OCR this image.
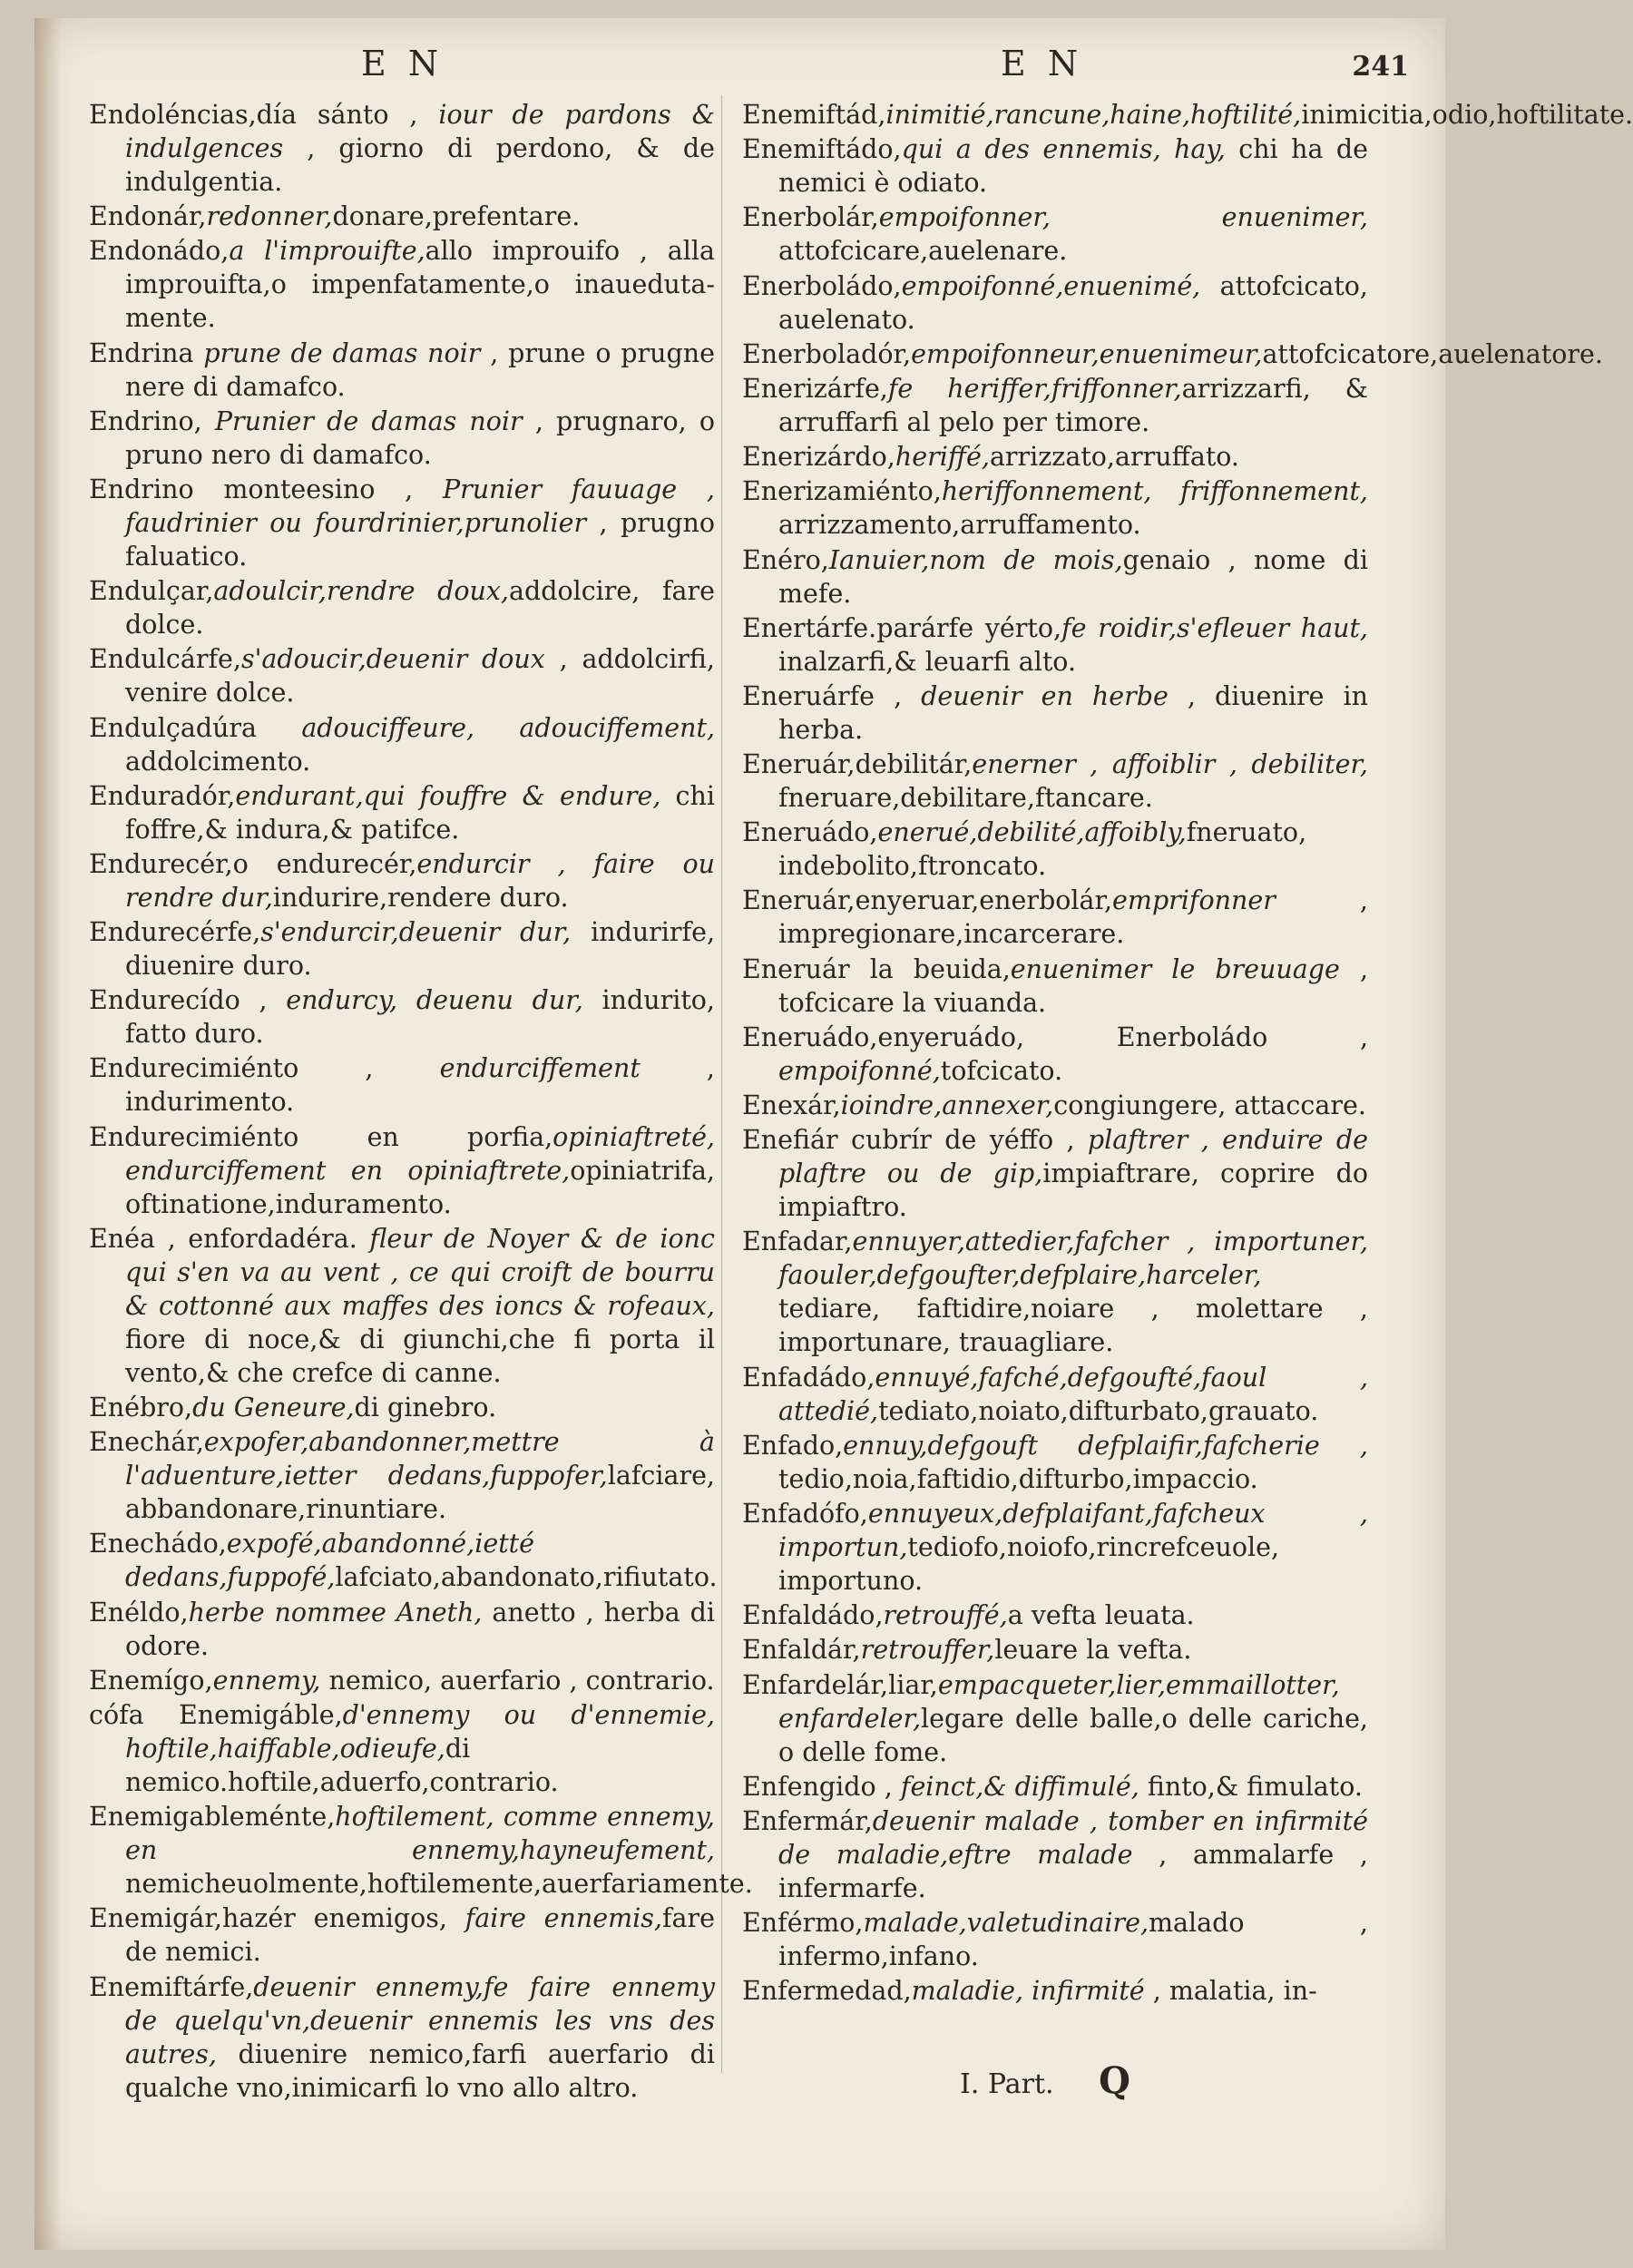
E N	E N	241

Endoléncias,día sánto , iour de pardons & indulgences , giorno di perdono, & de indulgentia.

Endonár,redonner,donare,prefentare.

Endonádo,a l'improuifte,allo improuifo , alla improuifta,o impenfatamente,o inaueduta-mente.

Endrina prune de damas noir , prune o prugne nere di damafco.

Endrino, Prunier de damas noir , prugnaro, o pruno nero di damafco.

Endrino monteesino , Prunier fauuage , faudrinier ou fourdrinier,prunolier , prugno faluatico.

Endulçar,adoulcir,rendre doux,addolcire, fare dolce.

Endulcárfe,s'adoucir,deuenir doux , addolcirfi, venire dolce.

Endulçadúra adouciffeure, adouciffement, addolcimento.

Enduradór,endurant,qui fouffre & endure, chi foffre,& indura,& patifce.

Endurecér,o endurecér,endurcir , faire ou rendre dur,indurire,rendere duro.

Endurecérfe,s'endurcir,deuenir dur, indurirfe, diuenire duro.

Endurecído , endurcy, deuenu dur, indurito, fatto duro.

Endurecimiénto , endurciffement , indurimento.

Endurecimiénto en porfia,opiniaftreté, endurciffement en opiniaftrete,opiniatrifa, oftinatione,induramento.

Enéa , enfordadéra. fleur de Noyer & de ionc qui s'en va au vent , ce qui croift de bourru & cottonné aux maffes des ioncs & rofeaux, fiore di noce,& di giunchi,che fi porta il vento,& che crefce di canne.

Enébro,du Geneure,di ginebro.

Enechár,expofer,abandonner,mettre à l'aduenture,ietter dedans,fuppofer,lafciare, abbandonare,rinuntiare.

Enechádo,expofé,abandonné,ietté dedans,fuppofé,lafciato,abandonato,rifiutato.

Enéldo,herbe nommee Aneth, anetto , herba di odore.

Enemígo,ennemy, nemico, auerfario , contrario.

cófa Enemigáble,d'ennemy ou d'ennemie, hoftile,haiffable,odieufe,di nemico.hoftile,aduerfo,contrario.

Enemigableménte,hoftilement, comme ennemy, en ennemy,hayneufement, nemicheuolmente,hoftilemente,auerfariamente.

Enemigár,hazér enemigos, faire ennemis,fare de nemici.

Enemiftárfe,deuenir ennemy,fe faire ennemy de quelqu'vn,deuenir ennemis les vns des autres, diuenire nemico,farfi auerfario di qualche vno,inimicarfi lo vno allo altro.

Enemiftád,inimitié,rancune,haine,hoftilité,inimicitia,odio,hoftilitate.

Enemiftádo,qui a des ennemis, hay, chi ha de nemici è odiato.

Enerbolár,empoifonner, enuenimer, attofcicare,auelenare.

Enerboládo,empoifonné,enuenimé, attofcicato, auelenato.

Enerboladór,empoifonneur,enuenimeur,attofcicatore,auelenatore.

Enerizárfe,fe heriffer,friffonner,arrizzarfi, & arruffarfi al pelo per timore.

Enerizárdo,heriffé,arrizzato,arruffato.

Enerizamiénto,heriffonnement, friffonnement, arrizzamento,arruffamento.

Enéro,Ianuier,nom de mois,genaio , nome di mefe.

Enertárfe.parárfe yérto,fe roidir,s'efleuer haut, inalzarfi,& leuarfi alto.

Eneruárfe , deuenir en herbe , diuenire in herba.

Eneruár,debilitár,enerner , affoiblir , debiliter, fneruare,debilitare,ftancare.

Eneruádo,enerué,debilité,affoibly,fneruato, indebolito,ftroncato.

Eneruár,enyeruar,enerbolár,emprifonner , impregionare,incarcerare.

Eneruár la beuida,enuenimer le breuuage , tofcicare la viuanda.

Eneruádo,enyeruádo, Enerboládo , empoifonné,tofcicato.

Enexár,ioindre,annexer,congiungere, attaccare.

Enefiár cubrír de yéffo , plaftrer , enduire de plaftre ou de gip,impiaftrare, coprire do impiaftro.

Enfadar,ennuyer,attedier,fafcher , importuner, faouler,defgoufter,defplaire,harceler, tediare, faftidire,noiare , molettare , importunare, trauagliare.

Enfadádo,ennuyé,fafché,defgoufté,faoul , attedié,tediato,noiato,difturbato,grauato.

Enfado,ennuy,defgouft defplaifir,fafcherie , tedio,noia,faftidio,difturbo,impaccio.

Enfadófo,ennuyeux,defplaifant,fafcheux , importun,tediofo,noiofo,rincrefceuole, importuno.

Enfaldádo,retrouffé,a vefta leuata.

Enfaldár,retrouffer,leuare la vefta.

Enfardelár,liar,empacqueter,lier,emmaillotter, enfardeler,legare delle balle,o delle cariche, o delle fome.

Enfengido , feinct,& diffimulé, finto,& fimulato.

Enfermár,deuenir malade , tomber en infirmité de maladie,eftre malade , ammalarfe , infermarfe.

Enférmo,malade,valetudinaire,malado , infermo,infano.

Enfermedad,maladie, infirmité , malatia, in-

I. Part. Q
